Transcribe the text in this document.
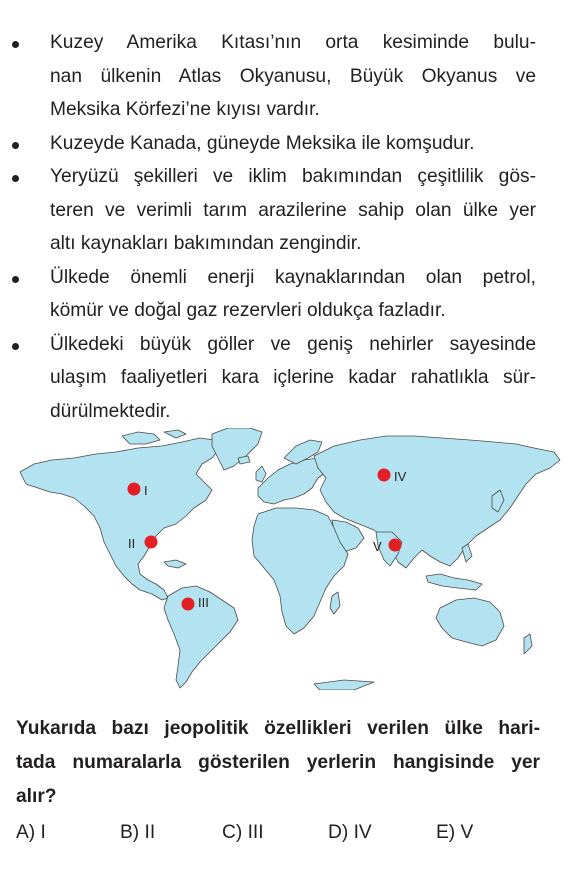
Kuzey Amerika Kıtası’nın orta kesiminde bulu-
nan ülkenin Atlas Okyanusu, Büyük Okyanus ve
Meksika Körfezi’ne kıyısı vardır.
Kuzeyde Kanada, güneyde Meksika ile komşudur.
Yeryüzü şekilleri ve iklim bakımından çeşitlilik gös-
teren ve verimli tarım arazilerine sahip olan ülke yer
altı kaynakları bakımından zengindir.
Ülkede önemli enerji kaynaklarından olan petrol,
kömür ve doğal gaz rezervleri oldukça fazladır.
Ülkedeki büyük göller ve geniş nehirler sayesinde
ulaşım faaliyetleri kara içlerine kadar rahatlıkla sür-
dürülmektedir.
I
II
III
IV
V
Yukarıda bazı jeopolitik özellikleri verilen ülke hari-
tada numaralarla gösterilen yerlerin hangisinde yer
alır?
A) I	B) II	C) III	D) IV	E) V
